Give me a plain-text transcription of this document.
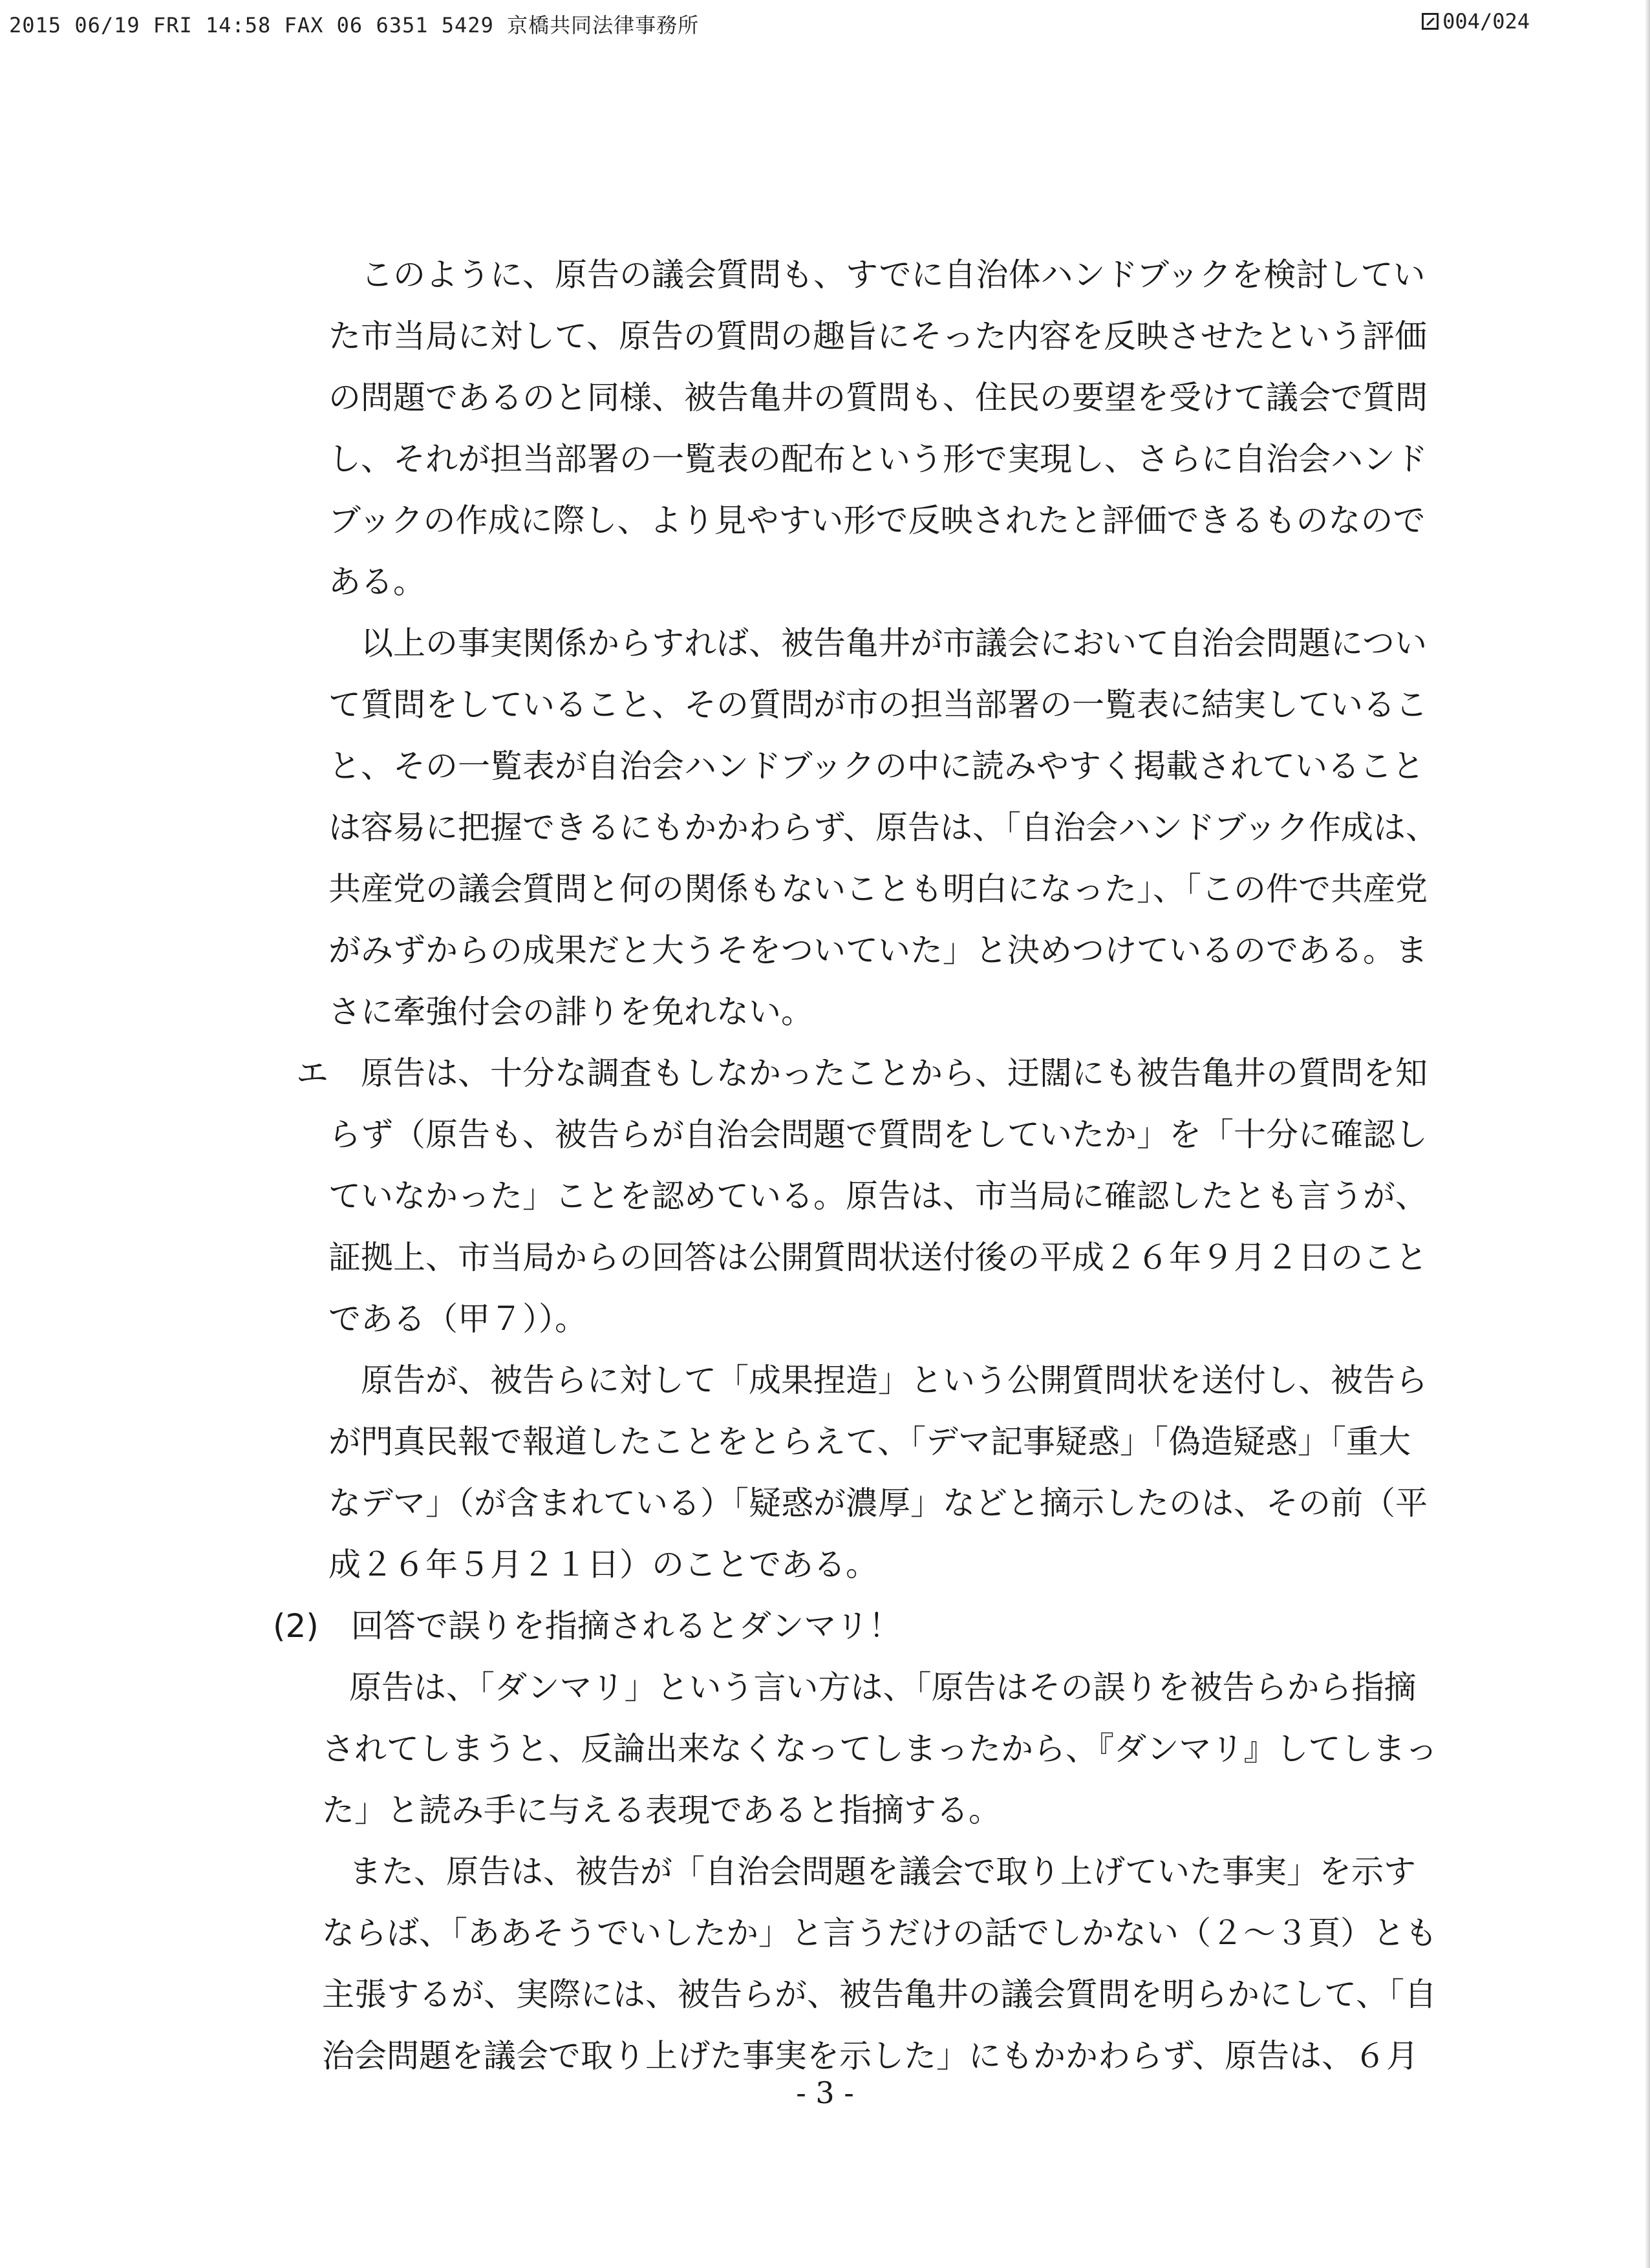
2015 06/19 FRI 14:58 FAX 06 6351 5429 京橋共同法律事務所	004/024
このように、原告の議会質問も、すでに自治体ハンドブックを検討してい
た市当局に対して、原告の質問の趣旨にそった内容を反映させたという評価
の問題であるのと同様、被告亀井の質問も、住民の要望を受けて議会で質問
し、それが担当部署の一覧表の配布という形で実現し、さらに自治会ハンド
ブックの作成に際し、より見やすい形で反映されたと評価できるものなので
ある。
以上の事実関係からすれば、被告亀井が市議会において自治会問題につい
て質問をしていること、その質問が市の担当部署の一覧表に結実しているこ
と、その一覧表が自治会ハンドブックの中に読みやすく掲載されていること
は容易に把握できるにもかかわらず、原告は、「自治会ハンドブック作成は、
共産党の議会質問と何の関係もないことも明白になった」、「この件で共産党
がみずからの成果だと大うそをついていた」と決めつけているのである。ま
さに牽強付会の誹りを免れない。
エ　原告は、十分な調査もしなかったことから、迂闊にも被告亀井の質問を知
らず（原告も、被告らが自治会問題で質問をしていたか」を「十分に確認し
ていなかった」ことを認めている。原告は、市当局に確認したとも言うが、
証拠上、市当局からの回答は公開質問状送付後の平成２６年９月２日のこと
である（甲７））。
原告が、被告らに対して「成果捏造」という公開質問状を送付し、被告ら
が門真民報で報道したことをとらえて、「デマ記事疑惑」「偽造疑惑」「重大
なデマ」（が含まれている）「疑惑が濃厚」などと摘示したのは、その前（平
成２６年５月２１日）のことである。
(2)　回答で誤りを指摘されるとダンマリ！
原告は、「ダンマリ」という言い方は、「原告はその誤りを被告らから指摘
されてしまうと、反論出来なくなってしまったから、『ダンマリ』してしまっ
た」と読み手に与える表現であると指摘する。
また、原告は、被告が「自治会問題を議会で取り上げていた事実」を示す
ならば、「ああそうでいしたか」と言うだけの話でしかない（２～３頁）とも
主張するが、実際には、被告らが、被告亀井の議会質問を明らかにして、「自
治会問題を議会で取り上げた事実を示した」にもかかわらず、原告は、６月
- 3 -
